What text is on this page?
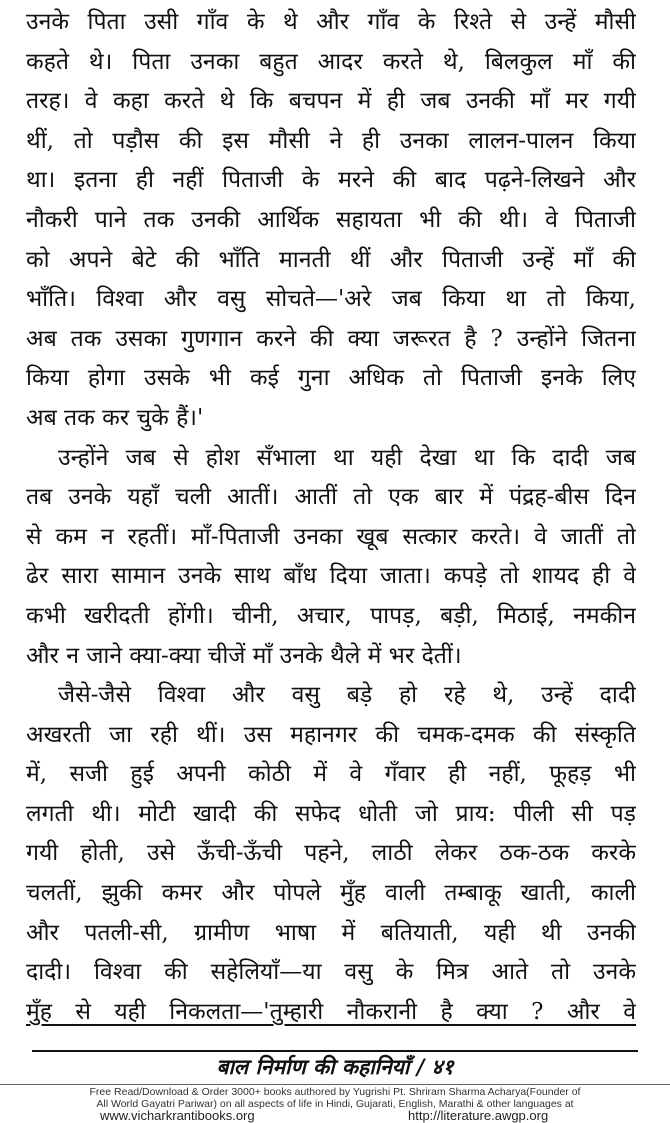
उनके पिता उसी गाँव के थे और गाँव के रिश्ते से उन्हें मौसी
कहते थे। पिता उनका बहुत आदर करते थे, बिलकुल माँ की
तरह। वे कहा करते थे कि बचपन में ही जब उनकी माँ मर गयी
थीं, तो पड़ौस की इस मौसी ने ही उनका लालन-पालन किया
था। इतना ही नहीं पिताजी के मरने की बाद पढ़ने-लिखने और
नौकरी पाने तक उनकी आर्थिक सहायता भी की थी। वे पिताजी
को अपने बेटे की भाँति मानती थीं और पिताजी उन्हें माँ की
भाँति। विश्वा और वसु सोचते—'अरे जब किया था तो किया,
अब तक उसका गुणगान करने की क्या जरूरत है ? उन्होंने जितना
किया होगा उसके भी कई गुना अधिक तो पिताजी इनके लिए
अब तक कर चुके हैं।'
उन्होंने जब से होश सँभाला था यही देखा था कि दादी जब
तब उनके यहाँ चली आतीं। आतीं तो एक बार में पंद्रह-बीस दिन
से कम न रहतीं। माँ-पिताजी उनका खूब सत्कार करते। वे जातीं तो
ढेर सारा सामान उनके साथ बाँध दिया जाता। कपड़े तो शायद ही वे
कभी खरीदती होंगी। चीनी, अचार, पापड़, बड़ी, मिठाई, नमकीन
और न जाने क्या-क्या चीजें माँ उनके थैले में भर देतीं।
जैसे-जैसे विश्वा और वसु बड़े हो रहे थे, उन्हें दादी
अखरती जा रही थीं। उस महानगर की चमक-दमक की संस्कृति
में, सजी हुई अपनी कोठी में वे गँवार ही नहीं, फूहड़ भी
लगती थी। मोटी खादी की सफेद धोती जो प्राय: पीली सी पड़
गयी होती, उसे ऊँची-ऊँची पहने, लाठी लेकर ठक-ठक करके
चलतीं, झुकी कमर और पोपले मुँह वाली तम्बाकू खाती, काली
और पतली-सी, ग्रामीण भाषा में बतियाती, यही थी उनकी
दादी। विश्वा की सहेलियाँ—या वसु के मित्र आते तो उनके
मुँह से यही निकलता—'तुम्हारी नौकरानी है क्या ? और वे
बाल निर्माण की कहानियाँ / ४१
Free Read/Download & Order 3000+ books authored by Yugrishi Pt. Shriram Sharma Acharya(Founder of
All World Gayatri Pariwar) on all aspects of life in Hindi, Gujarati, English, Marathi & other languages at
www.vicharkrantibooks.org	http://literature.awgp.org
